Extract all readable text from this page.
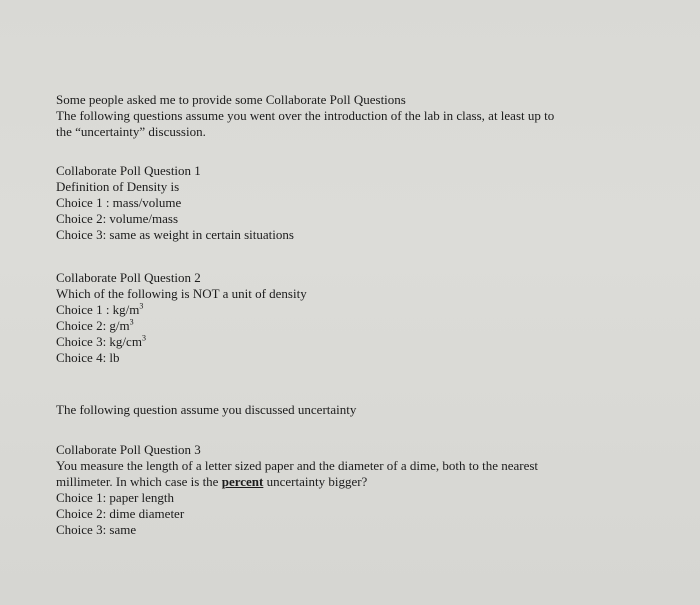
Some people asked me to provide some Collaborate Poll Questions
The following questions assume you went over the introduction of the lab in class, at least up to
the “uncertainty” discussion.
Collaborate Poll Question 1
Definition of Density is
Choice 1 : mass/volume
Choice 2: volume/mass
Choice 3: same as weight in certain situations
Collaborate Poll Question 2
Which of the following is NOT a unit of density
Choice 1 : $kg/m^3$
Choice 2: $g/m^3$
Choice 3: $kg/cm^3$
Choice 4: lb
The following question assume you discussed uncertainty
Collaborate Poll Question 3
You measure the length of a letter sized paper and the diameter of a dime, both to the nearest
millimeter. In which case is the percent uncertainty bigger?
Choice 1: paper length
Choice 2: dime diameter
Choice 3: same
